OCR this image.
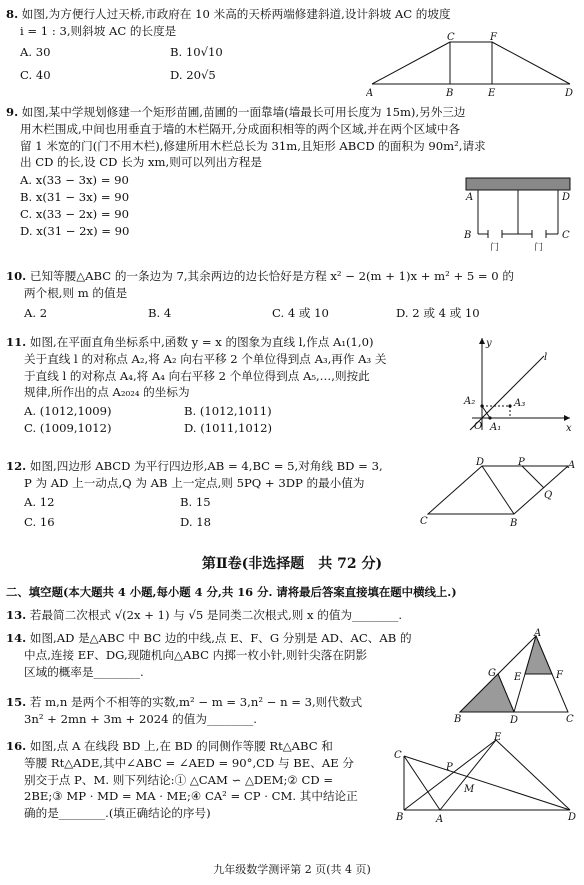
8. 如图,为方便行人过天桥,市政府在 10 米高的天桥两端修建斜道,设计斜坡 AC 的坡度
i = 1 : 3,则斜坡 AC 的长度是
A. 30	B. 10√10
C. 40	D. 20√5
C	F
A	B	E	D
9. 如图,某中学规划修建一个矩形苗圃,苗圃的一面靠墙(墙最长可用长度为 15m),另外三边
用木栏围成,中间也用垂直于墙的木栏隔开,分成面积相等的两个区域,并在两个区域中各
留 1 米宽的门(门不用木栏),修建所用木栏总长为 31m,且矩形 ABCD 的面积为 90m²,请求
出 CD 的长,设 CD 长为 xm,则可以列出方程是
A. x(33 − 3x) = 90
B. x(31 − 3x) = 90
C. x(33 − 2x) = 90
D. x(31 − 2x) = 90
A	D
B	C
门	门
10. 已知等腰△ABC 的一条边为 7,其余两边的边长恰好是方程 x² − 2(m + 1)x + m² + 5 = 0 的
两个根,则 m 的值是
A. 2	B. 4	C. 4 或 10	D. 2 或 4 或 10
11. 如图,在平面直角坐标系中,函数 y = x 的图象为直线 l,作点 A₁(1,0)
关于直线 l 的对称点 A₂,将 A₂ 向右平移 2 个单位得到点 A₃,再作 A₃ 关
于直线 l 的对称点 A₄,将 A₄ 向右平移 2 个单位得到点 A₅,…,则按此
规律,所作出的点 A₂₀₂₄ 的坐标为
A. (1012,1009)	B. (1012,1011)
C. (1009,1012)	D. (1011,1012)
y
l
A₂	A₃
O A₁	x
12. 如图,四边形 ABCD 为平行四边形,AB = 4,BC = 5,对角线 BD = 3,
P 为 AD 上一动点,Q 为 AB 上一定点,则 5PQ + 3DP 的最小值为
A. 12	B. 15
C. 16	D. 18
D	P	A
Q
C	B
第Ⅱ卷(非选择题　共 72 分)
二、填空题(本大题共 4 小题,每小题 4 分,共 16 分. 请将最后答案直接填在题中横线上.)
13. 若最简二次根式 √(2x + 1) 与 √5 是同类二次根式,则 x 的值为________.
14. 如图,AD 是△ABC 中 BC 边的中线,点 E、F、G 分别是 AD、AC、AB 的
中点,连接 EF、DG,现随机向△ABC 内掷一枚小针,则针尖落在阴影
区域的概率是________.
A
G E	F
B	D	C
15. 若 m,n 是两个不相等的实数,m² − m = 3,n² − n = 3,则代数式
3n² + 2mn + 3m + 2024 的值为________.
16. 如图,点 A 在线段 BD 上,在 BD 的同侧作等腰 Rt△ABC 和
等腰 Rt△ADE,其中∠ABC = ∠AED = 90°,CD 与 BE、AE 分
别交于点 P、M. 则下列结论:① △CAM ∽ △DEM;② CD =
2BE;③ MP · MD = MA · ME;④ CA² = CP · CM. 其中结论正
确的是________.(填正确结论的序号)
E
C
P
M
B	A	D
九年级数学测评第 2 页(共 4 页)
